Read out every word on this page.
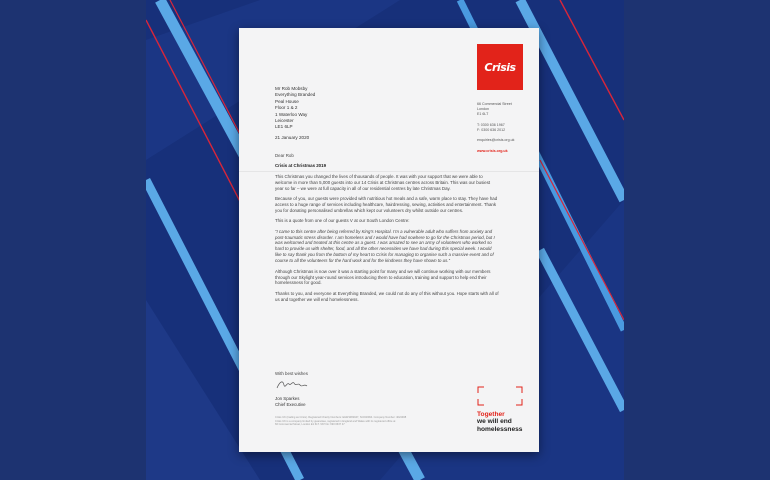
Crisis
Mr Rob Mobsby
Everything Branded
Peal House
Floor 1 & 2
1 Waterloo Way
Leicester
LE1 6LP
21 January 2020
66 Commercial Street
London
E1 6LT

T: 0300 636 1967
F: 0300 636 2012

enquiries@crisis.org.uk

www.crisis.org.uk

Dear Rob

Crisis at Christmas 2019

This Christmas you changed the lives of thousands of people. It was with your support that we were able to welcome in more than 5,000 guests into our 14 Crisis at Christmas centres across Britain. This was our busiest year so far – we were at full capacity in all of our residential centres by late Christmas Day.

Because of you, our guests were provided with nutritious hot meals and a safe, warm place to stay. They have had access to a huge range of services including healthcare, hairdressing, sewing, activities and entertainment. Thank you for donating personalised umbrellas which kept our volunteers dry whilst outside our centres.

This is a quote from one of our guests V at our South London Centre:

“I came to this centre after being referred by King’s Hospital. I’m a vulnerable adult who suffers from anxiety and post-traumatic stress disorder. I am homeless and I would have had nowhere to go for the Christmas period, but I was welcomed and treated at this centre as a guest. I was amazed to see an army of volunteers who worked so hard to provide us with shelter, food, and all the other necessities we have had during this special week. I would like to say thank you from the bottom of my heart to Crisis for managing to organise such a massive event and of course to all the volunteers for the hard work and for the kindness they have shown to us.”

Although Christmas is now over it was a starting point for many and we will continue working with our members through our Skylight year-round services introducing them to education, training and support to help end their homelessness for good.

Thanks to you, and everyone at Everything Branded, we could not do any of this without you. Hope starts with all of us and together we will end homelessness.

With best wishes
Jon Sparkes
Chief Executive
Crisis UK (trading as Crisis). Registered Charity Numbers: E&W1082947, SC040094. Company Number: 4024938
Crisis UK is a company limited by guarantee, registered in England and Wales with its registered office at
66 Commercial Street, London E1 6LT. VAT No: 690 0637 47
Together
we will end
homelessness
